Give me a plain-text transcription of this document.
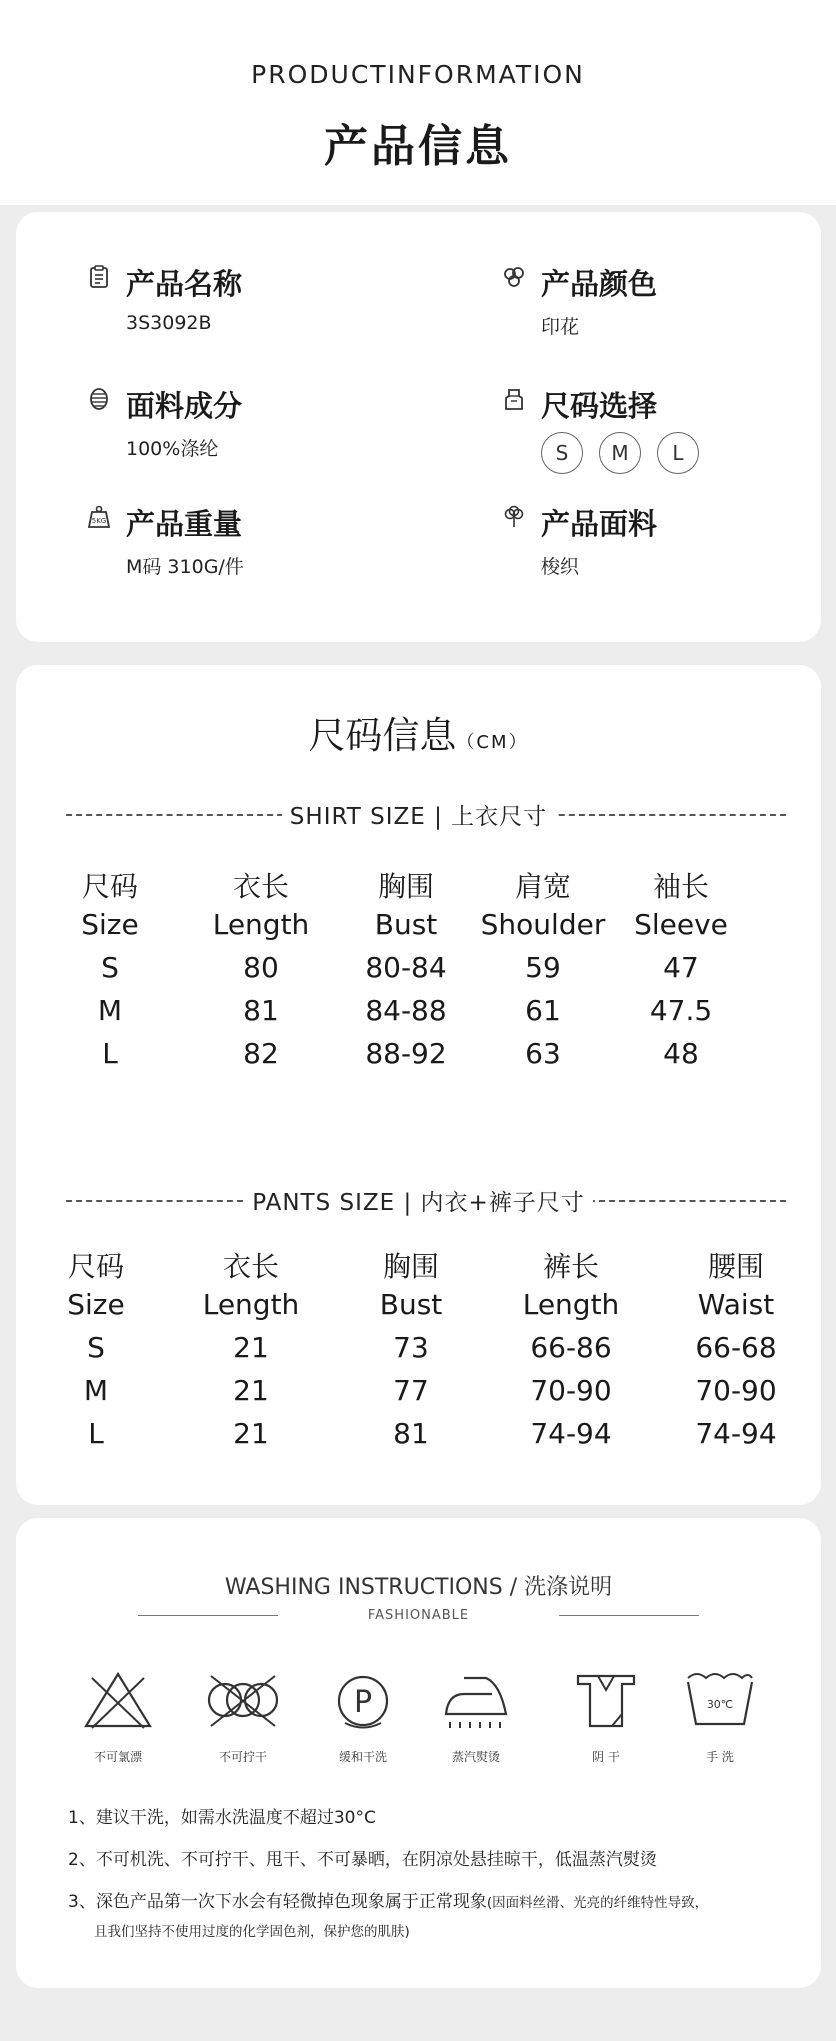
PRODUCTINFORMATION
产品信息
产品名称
3S3092B
产品颜色
印花
面料成分
100%涤纶
尺码选择
S	M	L
5KG 产品重量
M码 310G/件
产品面料
梭织
尺码信息（CM）
SHIRT SIZE | 上衣尺寸
尺码	衣长	胸围	肩宽	袖长
Size	Length Bust Shoulder Sleeve
S	80	80-84	59	47
M	81	84-88	61	47.5
L	82	88-92	63	48
PANTS SIZE | 内衣+裤子尺寸
尺码	衣长	胸围	裤长	腰围
Size	Length	Bust	Length	Waist
S	21	73	66-86	66-68
M	21	77	70-90	70-90
L	21	81	74-94	74-94
WASHING INSTRUCTIONS / 洗涤说明
FASHIONABLE
不可氯漂	不可拧干
P
缓和干洗	蒸汽熨烫	阴 干
30℃
手 洗
1、建议干洗，如需水洗温度不超过30°C
2、不可机洗、不可拧干、甩干、不可暴晒，在阴凉处悬挂晾干，低温蒸汽熨烫
3、深色产品第一次下水会有轻微掉色现象属于正常现象(因面料丝滑、光亮的纤维特性导致，
且我们坚持不使用过度的化学固色剂，保护您的肌肤)
